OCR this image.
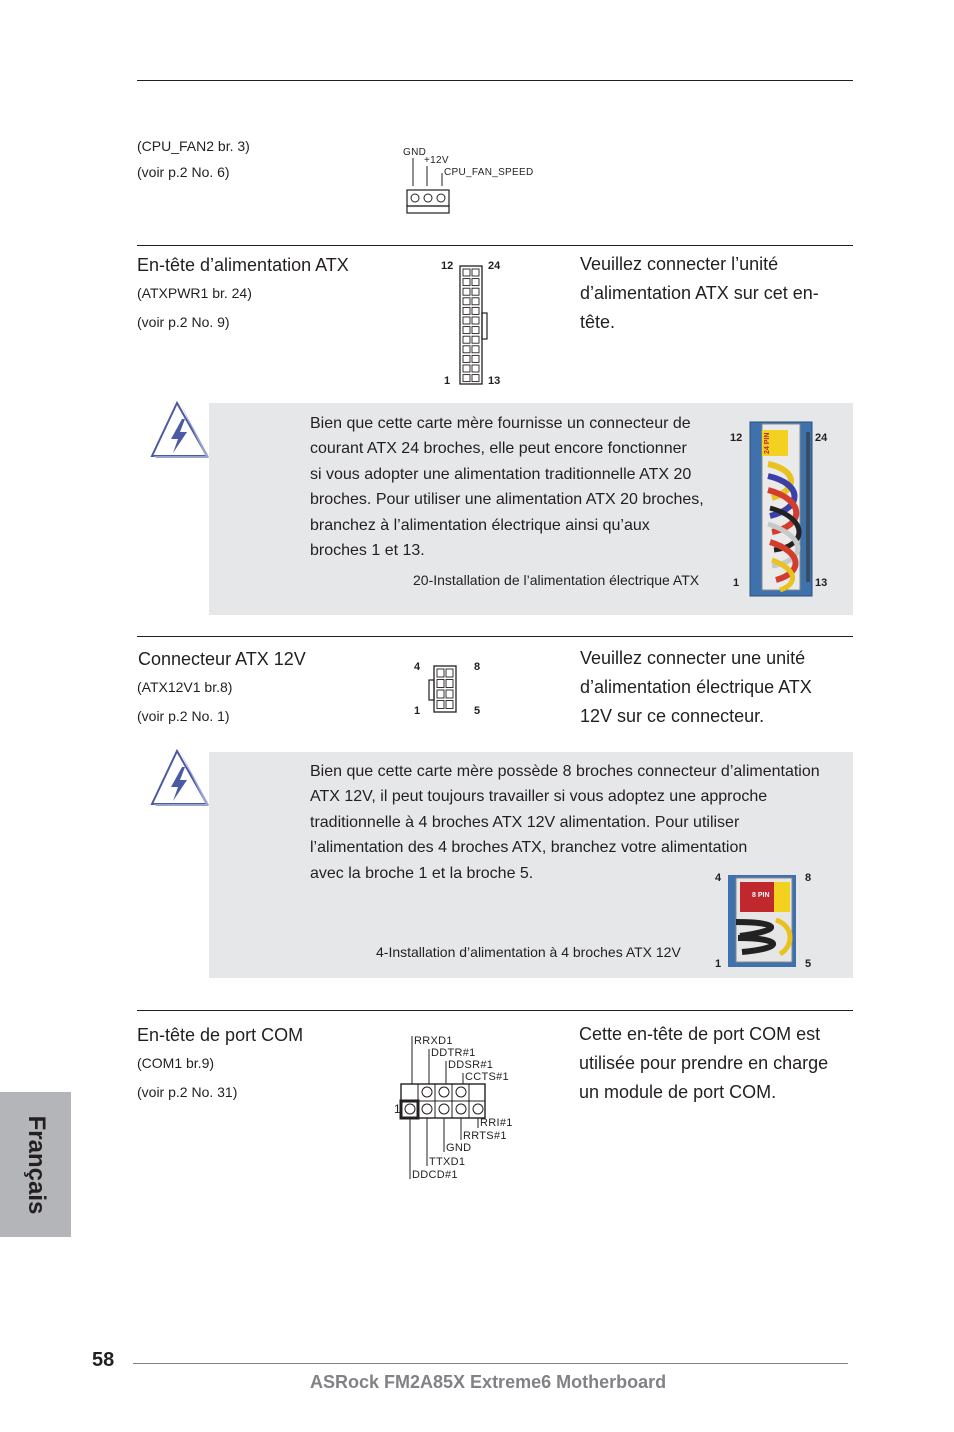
(CPU_FAN2 br. 3)
(voir p.2 No. 6)
GND
+12V
CPU_FAN_SPEED
En-tête d’alimentation ATX
(ATXPWR1 br. 24)
(voir p.2 No. 9)
12	24
1	13
Veuillez connecter l’unité
d’alimentation ATX sur cet en-
tête.
Bien que cette carte mère fournisse un connecteur de
courant ATX 24 broches, elle peut encore fonctionner
si vous adopter une alimentation traditionnelle ATX 20
broches. Pour utiliser une alimentation ATX 20 broches,
branchez à l’alimentation électrique ainsi qu’aux
broches 1 et 13.
20-Installation de l’alimentation électrique ATX
24 PIN
12	24
1	13
Connecteur ATX 12V
(ATX12V1 br.8)
(voir p.2 No. 1)
4	8
1	5
Veuillez connecter une unité
d’alimentation électrique ATX
12V sur ce connecteur.
Bien que cette carte mère possède 8 broches connecteur d’alimentation
ATX 12V, il peut toujours travailler si vous adoptez une approche
traditionnelle à 4 broches ATX 12V alimentation. Pour utiliser
l’alimentation des 4 broches ATX, branchez votre alimentation
avec la broche 1 et la broche 5.
4-Installation d’alimentation à 4 broches ATX 12V
8 PIN
4	8
1	5
En-tête de port COM
(COM1 br.9)
(voir p.2 No. 31)
1
RRXD1
DDTR#1
DDSR#1
CCTS#1
RRI#1
RRTS#1
GND
TTXD1
DDCD#1
Cette en-tête de port COM est
utilisée pour prendre en charge
un module de port COM.
Français
58
ASRock FM2A85X Extreme6 Motherboard
